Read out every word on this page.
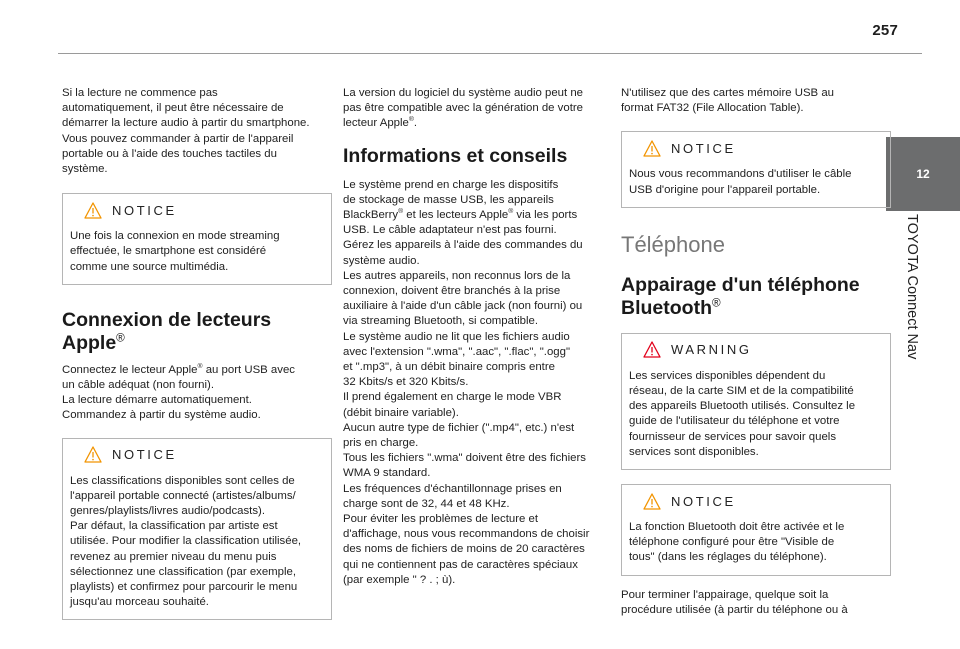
257
12
TOYOTA Connect Nav

Si la lecture ne commence pas
automatiquement, il peut être nécessaire de
démarrer la lecture audio à partir du smartphone.
Vous pouvez commander à partir de l'appareil
portable ou à l'aide des touches tactiles du
système.

NOTICE

Une fois la connexion en mode streaming
effectuée, le smartphone est considéré
comme une source multimédia.

Connexion de lecteurs
Apple®

Connectez le lecteur Apple® au port USB avec
un câble adéquat (non fourni).
La lecture démarre automatiquement.
Commandez à partir du système audio.

NOTICE

Les classifications disponibles sont celles de
l'appareil portable connecté (artistes/albums/
genres/playlists/livres audio/podcasts).
Par défaut, la classification par artiste est
utilisée. Pour modifier la classification utilisée,
revenez au premier niveau du menu puis
sélectionnez une classification (par exemple,
playlists) et confirmez pour parcourir le menu
jusqu'au morceau souhaité.

La version du logiciel du système audio peut ne
pas être compatible avec la génération de votre
lecteur Apple®.

Informations et conseils

Le système prend en charge les dispositifs
de stockage de masse USB, les appareils
BlackBerry® et les lecteurs Apple® via les ports
USB. Le câble adaptateur n'est pas fourni.
Gérez les appareils à l'aide des commandes du
système audio.
Les autres appareils, non reconnus lors de la
connexion, doivent être branchés à la prise
auxiliaire à l'aide d'un câble jack (non fourni) ou
via streaming Bluetooth, si compatible.
Le système audio ne lit que les fichiers audio
avec l'extension ".wma", ".aac", ".flac", ".ogg"
et ".mp3", à un débit binaire compris entre
32 Kbits/s et 320 Kbits/s.
Il prend également en charge le mode VBR
(débit binaire variable).
Aucun autre type de fichier (".mp4", etc.) n'est
pris en charge.
Tous les fichiers ".wma" doivent être des fichiers
WMA 9 standard.
Les fréquences d'échantillonnage prises en
charge sont de 32, 44 et 48 KHz.
Pour éviter les problèmes de lecture et
d'affichage, nous vous recommandons de choisir
des noms de fichiers de moins de 20 caractères
qui ne contiennent pas de caractères spéciaux
(par exemple " ? . ; ù).

N'utilisez que des cartes mémoire USB au
format FAT32 (File Allocation Table).

NOTICE

Nous vous recommandons d'utiliser le câble
USB d'origine pour l'appareil portable.

Téléphone
Appairage d'un téléphone
Bluetooth®
WARNING

Les services disponibles dépendent du
réseau, de la carte SIM et de la compatibilité
des appareils Bluetooth utilisés. Consultez le
guide de l'utilisateur du téléphone et votre
fournisseur de services pour savoir quels
services sont disponibles.

NOTICE

La fonction Bluetooth doit être activée et le
téléphone configuré pour être "Visible de
tous" (dans les réglages du téléphone).

Pour terminer l'appairage, quelque soit la
procédure utilisée (à partir du téléphone ou à
